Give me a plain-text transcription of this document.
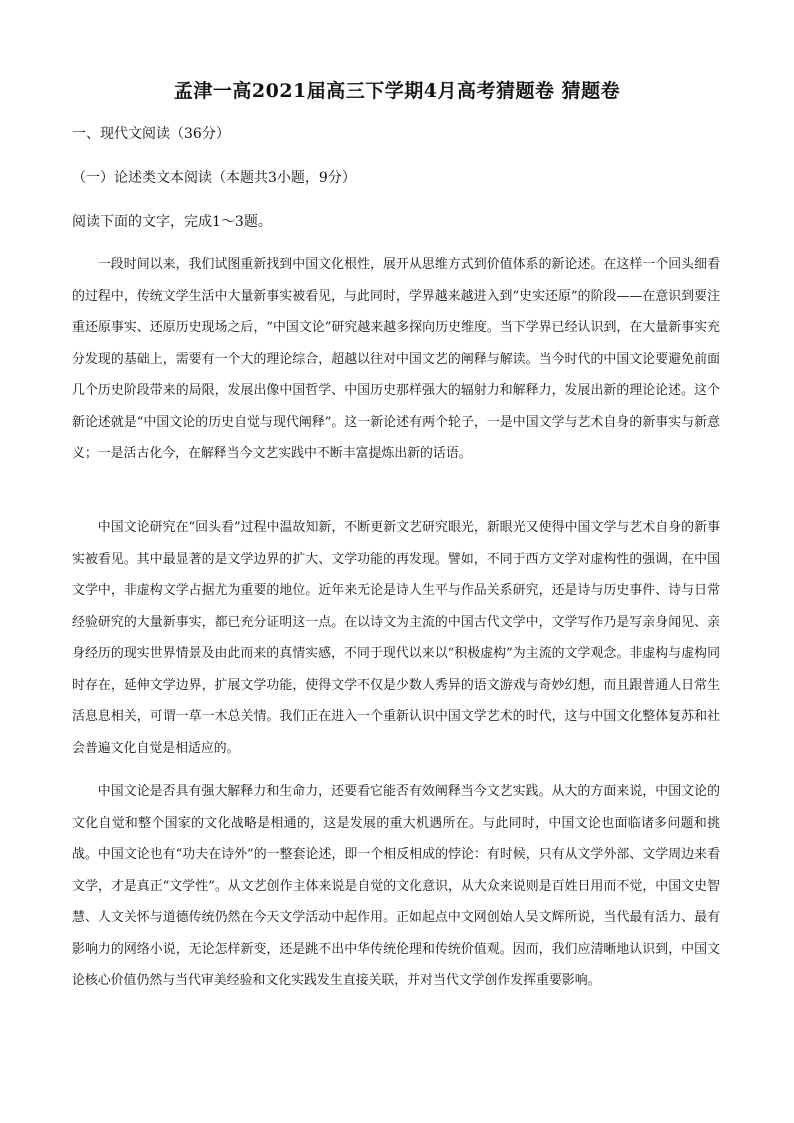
孟津一高2021届高三下学期4月高考猜题卷 猜题卷
一、现代文阅读（36分）
（一）论述类文本阅读（本题共3小题，9分）
阅读下面的文字，完成1～3题。
一段时间以来，我们试图重新找到中国文化根性，展开从思维方式到价值体系的新论述。在这样一个回头细看的过程中，传统文学生活中大量新事实被看见，与此同时，学界越来越进入到“史实还原”的阶段——在意识到要注重还原事实、还原历史现场之后，“中国文论”研究越来越多探向历史维度。当下学界已经认识到，在大量新事实充分发现的基础上，需要有一个大的理论综合，超越以往对中国文艺的阐释与解读。当今时代的中国文论要避免前面几个历史阶段带来的局限，发展出像中国哲学、中国历史那样强大的辐射力和解释力，发展出新的理论论述。这个新论述就是“中国文论的历史自觉与现代阐释”。这一新论述有两个轮子，一是中国文学与艺术自身的新事实与新意义；一是活古化今，在解释当今文艺实践中不断丰富提炼出新的话语。
中国文论研究在“回头看”过程中温故知新，不断更新文艺研究眼光，新眼光又使得中国文学与艺术自身的新事实被看见。其中最显著的是文学边界的扩大、文学功能的再发现。譬如，不同于西方文学对虚构性的强调，在中国文学中，非虚构文学占据尤为重要的地位。近年来无论是诗人生平与作品关系研究，还是诗与历史事件、诗与日常经验研究的大量新事实，都已充分证明这一点。在以诗文为主流的中国古代文学中，文学写作乃是写亲身闻见、亲身经历的现实世界情景及由此而来的真情实感，不同于现代以来以“积极虚构”为主流的文学观念。非虚构与虚构同时存在，延伸文学边界，扩展文学功能，使得文学不仅是少数人秀异的语文游戏与奇妙幻想，而且跟普通人日常生活息息相关，可谓一草一木总关情。我们正在进入一个重新认识中国文学艺术的时代，这与中国文化整体复苏和社会普遍文化自觉是相适应的。
中国文论是否具有强大解释力和生命力，还要看它能否有效阐释当今文艺实践。从大的方面来说，中国文论的文化自觉和整个国家的文化战略是相通的，这是发展的重大机遇所在。与此同时，中国文论也面临诸多问题和挑战。中国文论也有“功夫在诗外”的一整套论述，即一个相反相成的悖论：有时候，只有从文学外部、文学周边来看文学，才是真正“文学性”。从文艺创作主体来说是自觉的文化意识，从大众来说则是百姓日用而不觉，中国文史智慧、人文关怀与道德传统仍然在今天文学活动中起作用。正如起点中文网创始人吴文辉所说，当代最有活力、最有影响力的网络小说，无论怎样新变，还是跳不出中华传统伦理和传统价值观。因而，我们应清晰地认识到，中国文论核心价值仍然与当代审美经验和文化实践发生直接关联，并对当代文学创作发挥重要影响。
